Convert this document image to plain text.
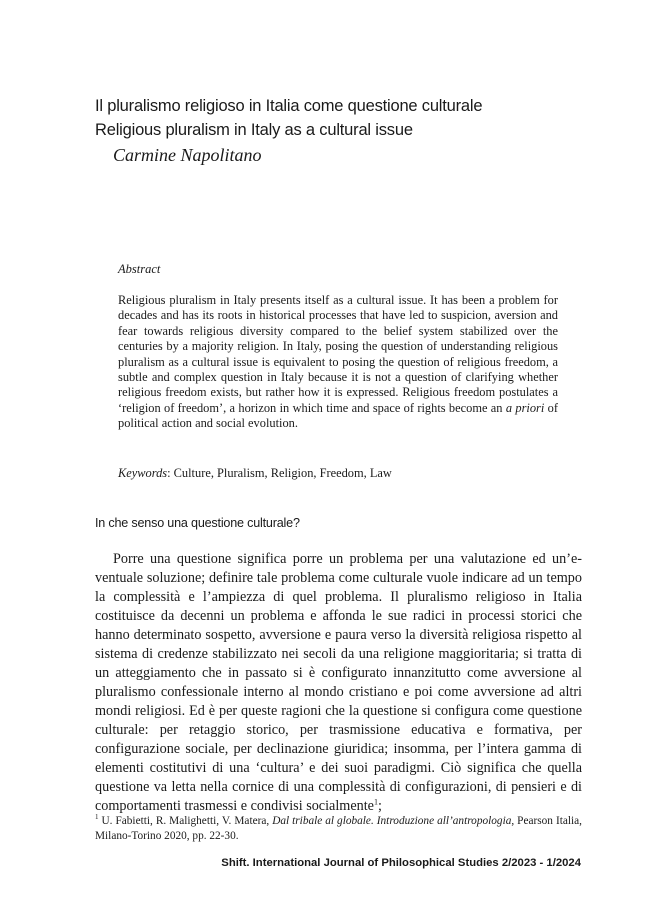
Il pluralismo religioso in Italia come questione culturale
Religious pluralism in Italy as a cultural issue
Carmine Napolitano
Abstract
Religious pluralism in Italy presents itself as a cultural issue. It has been a problem for decades and has its roots in historical processes that have led to suspicion, aversion and fear towards religious diversity compared to the belief system stabilized over the centuries by a majority religion. In Italy, posing the question of understanding religious pluralism as a cultural issue is equivalent to posing the question of religious freedom, a subtle and complex question in Italy because it is not a question of clarifying whether religious freedom exists, but rather how it is expressed. Religious freedom postulates a ‘religion of freedom’, a horizon in which time and space of rights become an a priori of political action and social evolution.
Keywords: Culture, Pluralism, Religion, Freedom, Law
In che senso una questione culturale?
Porre una questione significa porre un problema per una valutazione ed un’eventuale soluzione; definire tale problema come culturale vuole indicare ad un tempo la complessità e l’ampiezza di quel problema. Il pluralismo religioso in Italia costituisce da decenni un problema e affonda le sue radici in processi storici che hanno determinato sospetto, avversione e paura verso la diversità religiosa rispetto al sistema di credenze stabilizzato nei secoli da una religione maggioritaria; si tratta di un atteggiamento che in passato si è configurato innanzitutto come avversione al pluralismo confessionale interno al mondo cristiano e poi come avversione ad altri mondi religiosi. Ed è per queste ragioni che la questione si configura come questione culturale: per retaggio storico, per trasmissione educativa e formativa, per configurazione sociale, per declinazione giuridica; insomma, per l’intera gamma di elementi costitutivi di una ‘cultura’ e dei suoi paradigmi. Ciò significa che quella questione va letta nella cornice di una complessità di configurazioni, di pensieri e di comportamenti trasmessi e condivisi socialmente$^1$;
$^1$ U. Fabietti, R. Malighetti, V. Matera, Dal tribale al globale. Introduzione all’antropologia, Pearson Italia, Milano-Torino 2020, pp. 22-30.
Shift. International Journal of Philosophical Studies 2/2023 - 1/2024
